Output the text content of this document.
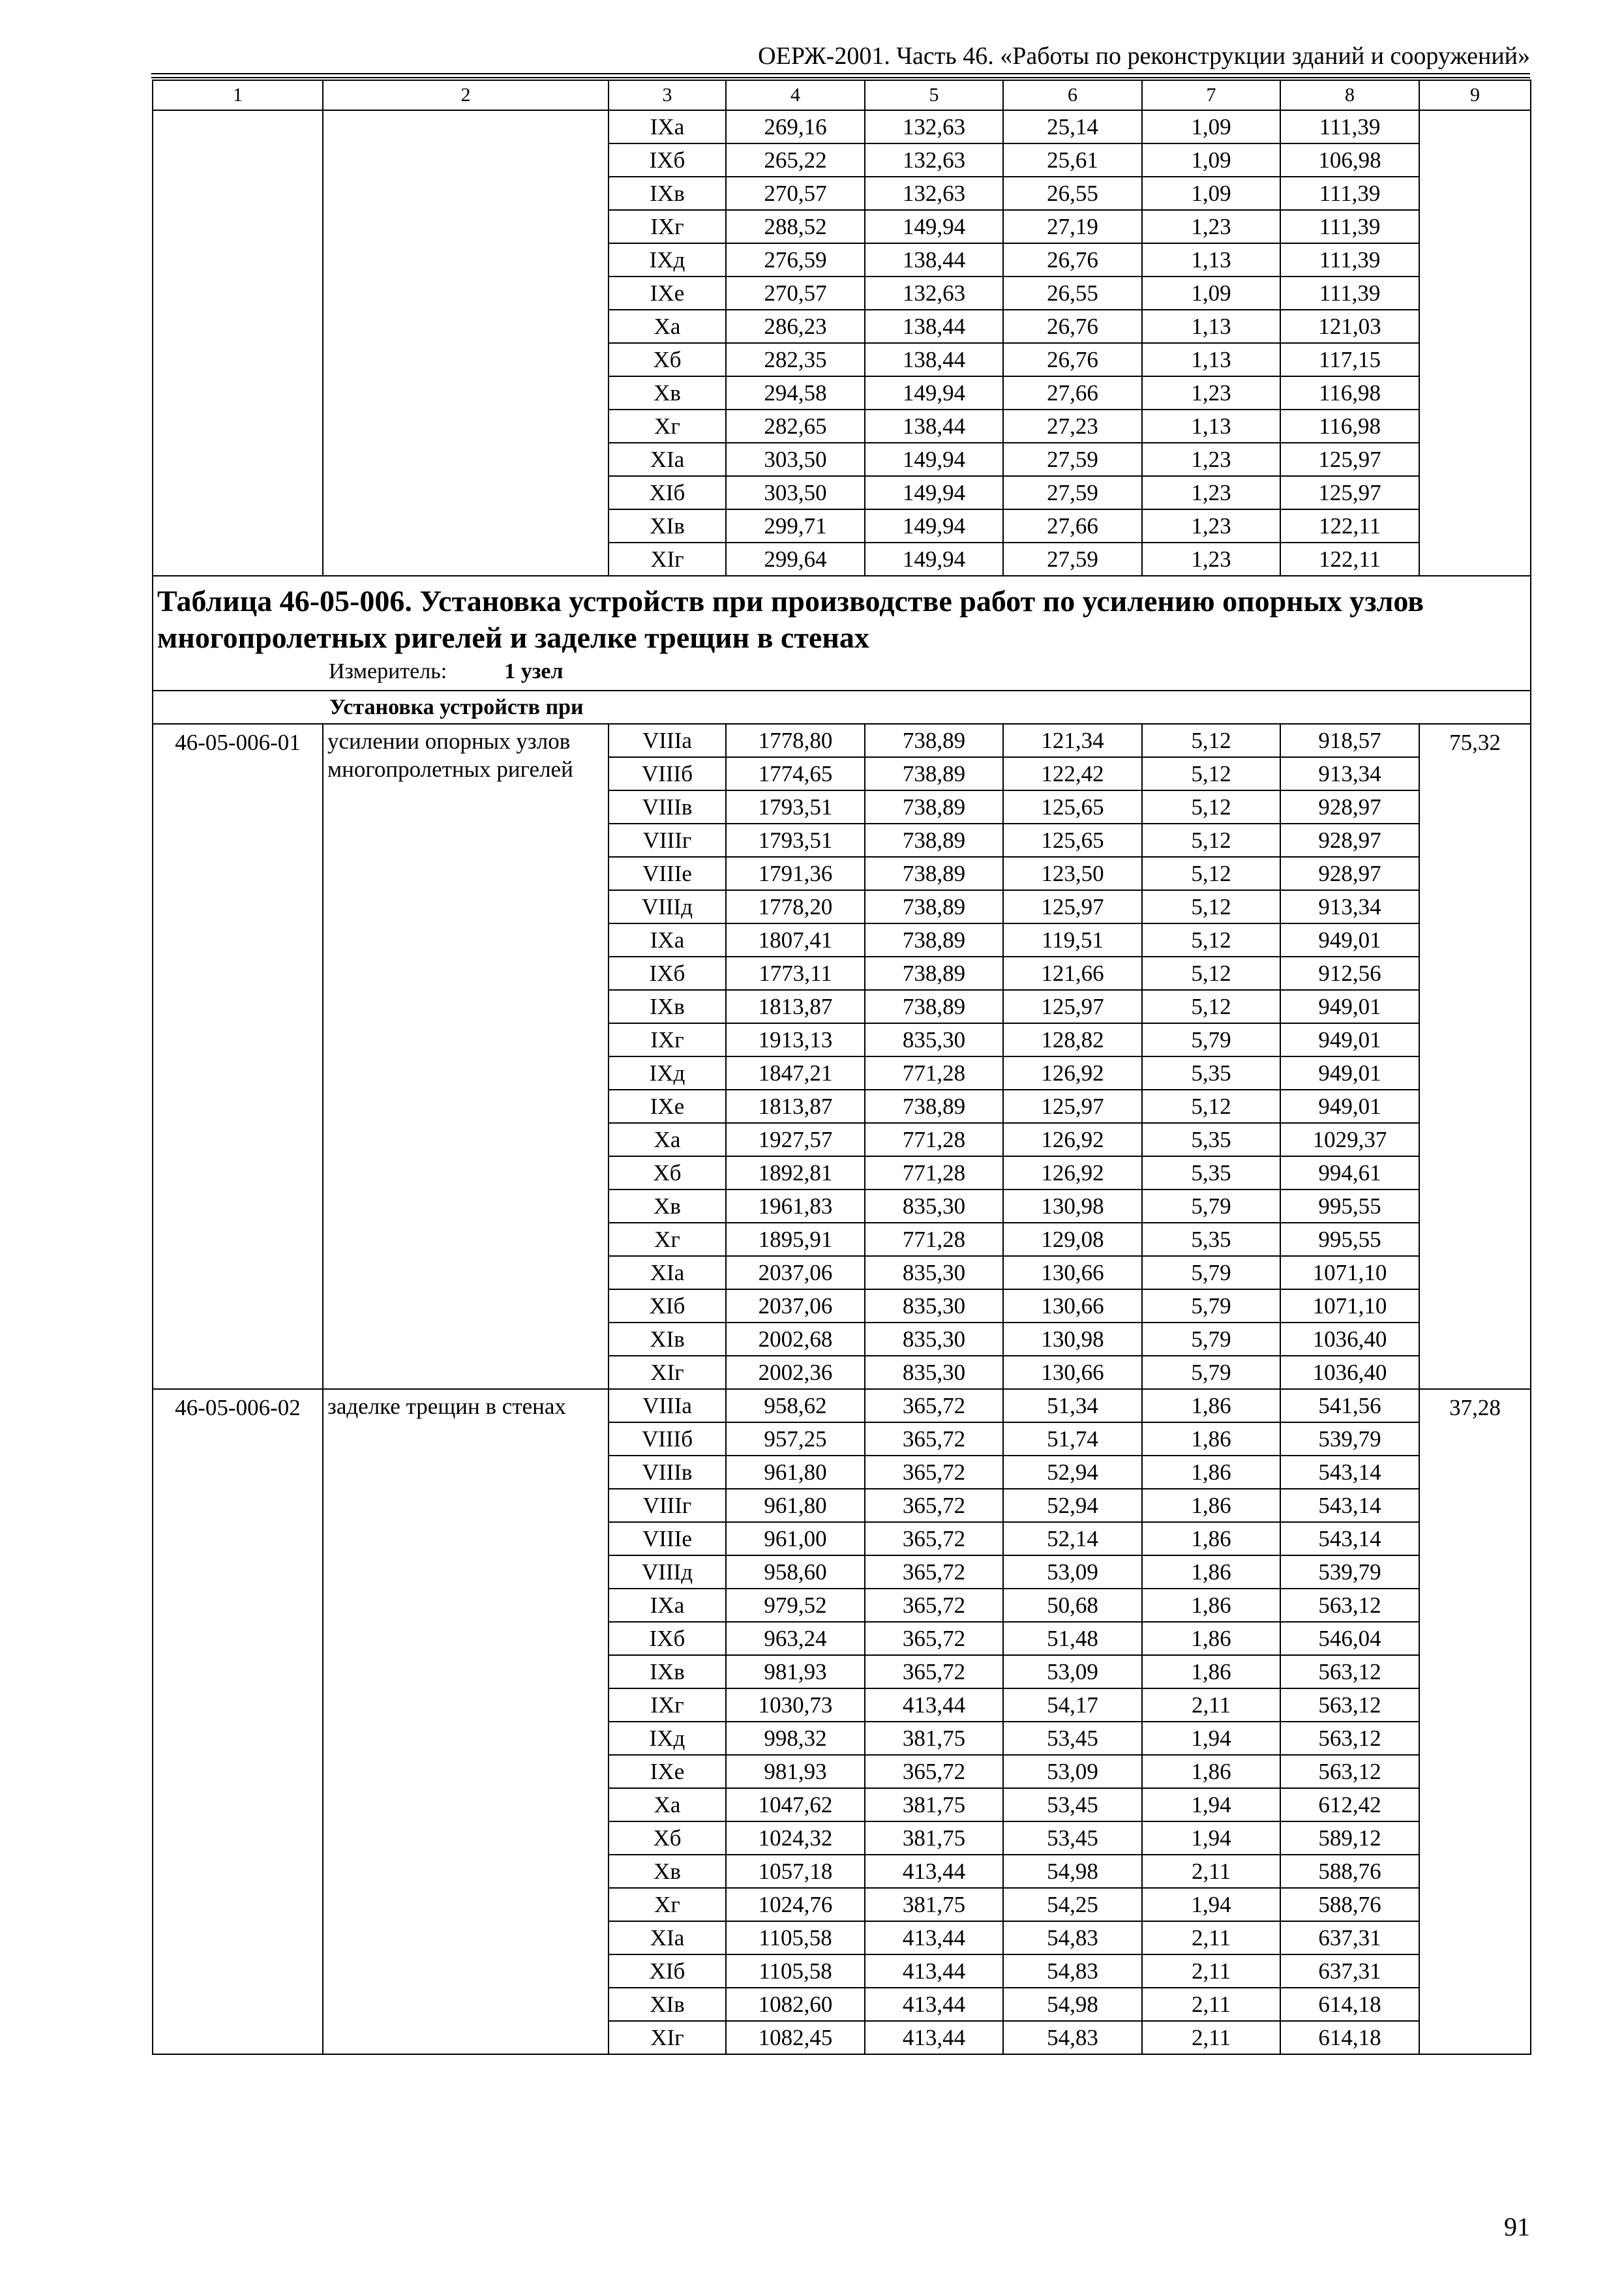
ОЕРЖ-2001. Часть 46. «Работы по реконструкции зданий и сооружений»
1	2	3	4	5	6	7	8	9
		IXа	269,16	132,63	25,14	1,09	111,39	
		IXб	265,22	132,63	25,61	1,09	106,98	
		IXв	270,57	132,63	26,55	1,09	111,39	
		IXг	288,52	149,94	27,19	1,23	111,39	
		IXд	276,59	138,44	26,76	1,13	111,39	
		IXе	270,57	132,63	26,55	1,09	111,39	
		Xа	286,23	138,44	26,76	1,13	121,03	
		Xб	282,35	138,44	26,76	1,13	117,15	
		Xв	294,58	149,94	27,66	1,23	116,98	
		Xг	282,65	138,44	27,23	1,13	116,98	
		XIа	303,50	149,94	27,59	1,23	125,97	
		XIб	303,50	149,94	27,59	1,23	125,97	
		XIв	299,71	149,94	27,66	1,23	122,11	
		XIг	299,64	149,94	27,59	1,23	122,11	

Таблица 46-05-006. Установка устройств при производстве работ по усилению опорных узлов многопролетных ригелей и заделке трещин в стенах
Измеритель: 1 узел								

Установка устройств при								
46-05-006-01	усилении опорных узлов многопролетных ригелей	VIIIа	1778,80	738,89	121,34	5,12	918,57	75,32
		VIIIб	1774,65	738,89	122,42	5,12	913,34	
		VIIIв	1793,51	738,89	125,65	5,12	928,97	
		VIIIг	1793,51	738,89	125,65	5,12	928,97	
		VIIIе	1791,36	738,89	123,50	5,12	928,97	
		VIIIд	1778,20	738,89	125,97	5,12	913,34	
		IXа	1807,41	738,89	119,51	5,12	949,01	
		IXб	1773,11	738,89	121,66	5,12	912,56	
		IXв	1813,87	738,89	125,97	5,12	949,01	
		IXг	1913,13	835,30	128,82	5,79	949,01	
		IXд	1847,21	771,28	126,92	5,35	949,01	
		IXе	1813,87	738,89	125,97	5,12	949,01	
		Xа	1927,57	771,28	126,92	5,35	1029,37	
		Xб	1892,81	771,28	126,92	5,35	994,61	
		Xв	1961,83	835,30	130,98	5,79	995,55	
		Xг	1895,91	771,28	129,08	5,35	995,55	
		XIа	2037,06	835,30	130,66	5,79	1071,10	
		XIб	2037,06	835,30	130,66	5,79	1071,10	
		XIв	2002,68	835,30	130,98	5,79	1036,40	
		XIг	2002,36	835,30	130,66	5,79	1036,40	
46-05-006-02	заделке трещин в стенах	VIIIа	958,62	365,72	51,34	1,86	541,56	37,28
		VIIIб	957,25	365,72	51,74	1,86	539,79	
		VIIIв	961,80	365,72	52,94	1,86	543,14	
		VIIIг	961,80	365,72	52,94	1,86	543,14	
		VIIIе	961,00	365,72	52,14	1,86	543,14	
		VIIIд	958,60	365,72	53,09	1,86	539,79	
		IXа	979,52	365,72	50,68	1,86	563,12	
		IXб	963,24	365,72	51,48	1,86	546,04	
		IXв	981,93	365,72	53,09	1,86	563,12	
		IXг	1030,73	413,44	54,17	2,11	563,12	
		IXд	998,32	381,75	53,45	1,94	563,12	
		IXе	981,93	365,72	53,09	1,86	563,12	
		Xа	1047,62	381,75	53,45	1,94	612,42	
		Xб	1024,32	381,75	53,45	1,94	589,12	
		Xв	1057,18	413,44	54,98	2,11	588,76	
		Xг	1024,76	381,75	54,25	1,94	588,76	
		XIа	1105,58	413,44	54,83	2,11	637,31	
		XIб	1105,58	413,44	54,83	2,11	637,31	
		XIв	1082,60	413,44	54,98	2,11	614,18	
		XIг	1082,45	413,44	54,83	2,11	614,18	
91
